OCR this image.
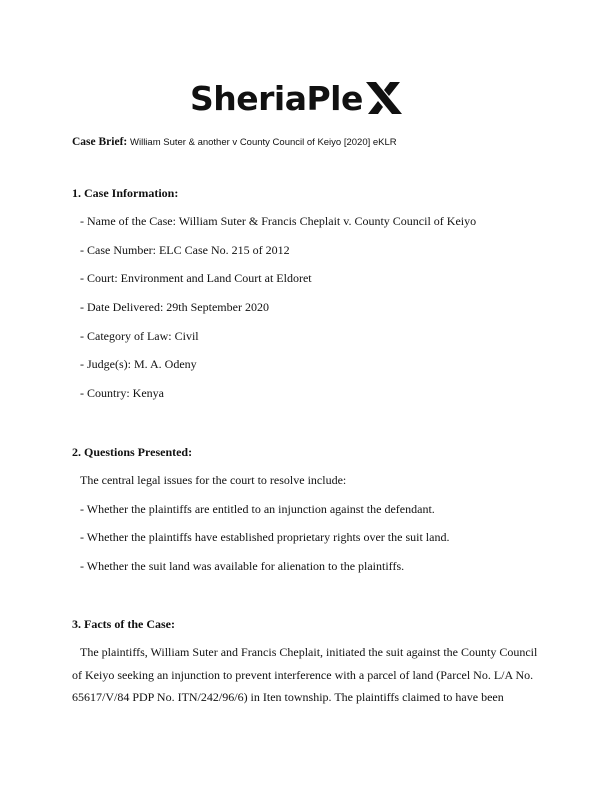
SheriaPle
Case Brief: William Suter & another v County Council of Keiyo [2020] eKLR
1. Case Information:
- Name of the Case: William Suter & Francis Cheplait v. County Council of Keiyo
- Case Number: ELC Case No. 215 of 2012
- Court: Environment and Land Court at Eldoret
- Date Delivered: 29th September 2020
- Category of Law: Civil
- Judge(s): M. A. Odeny
- Country: Kenya
2. Questions Presented:
The central legal issues for the court to resolve include:
- Whether the plaintiffs are entitled to an injunction against the defendant.
- Whether the plaintiffs have established proprietary rights over the suit land.
- Whether the suit land was available for alienation to the plaintiffs.
3. Facts of the Case:
The plaintiffs, William Suter and Francis Cheplait, initiated the suit against the County Council
of Keiyo seeking an injunction to prevent interference with a parcel of land (Parcel No. L/A No.
65617/V/84 PDP No. ITN/242/96/6) in Iten township. The plaintiffs claimed to have been
